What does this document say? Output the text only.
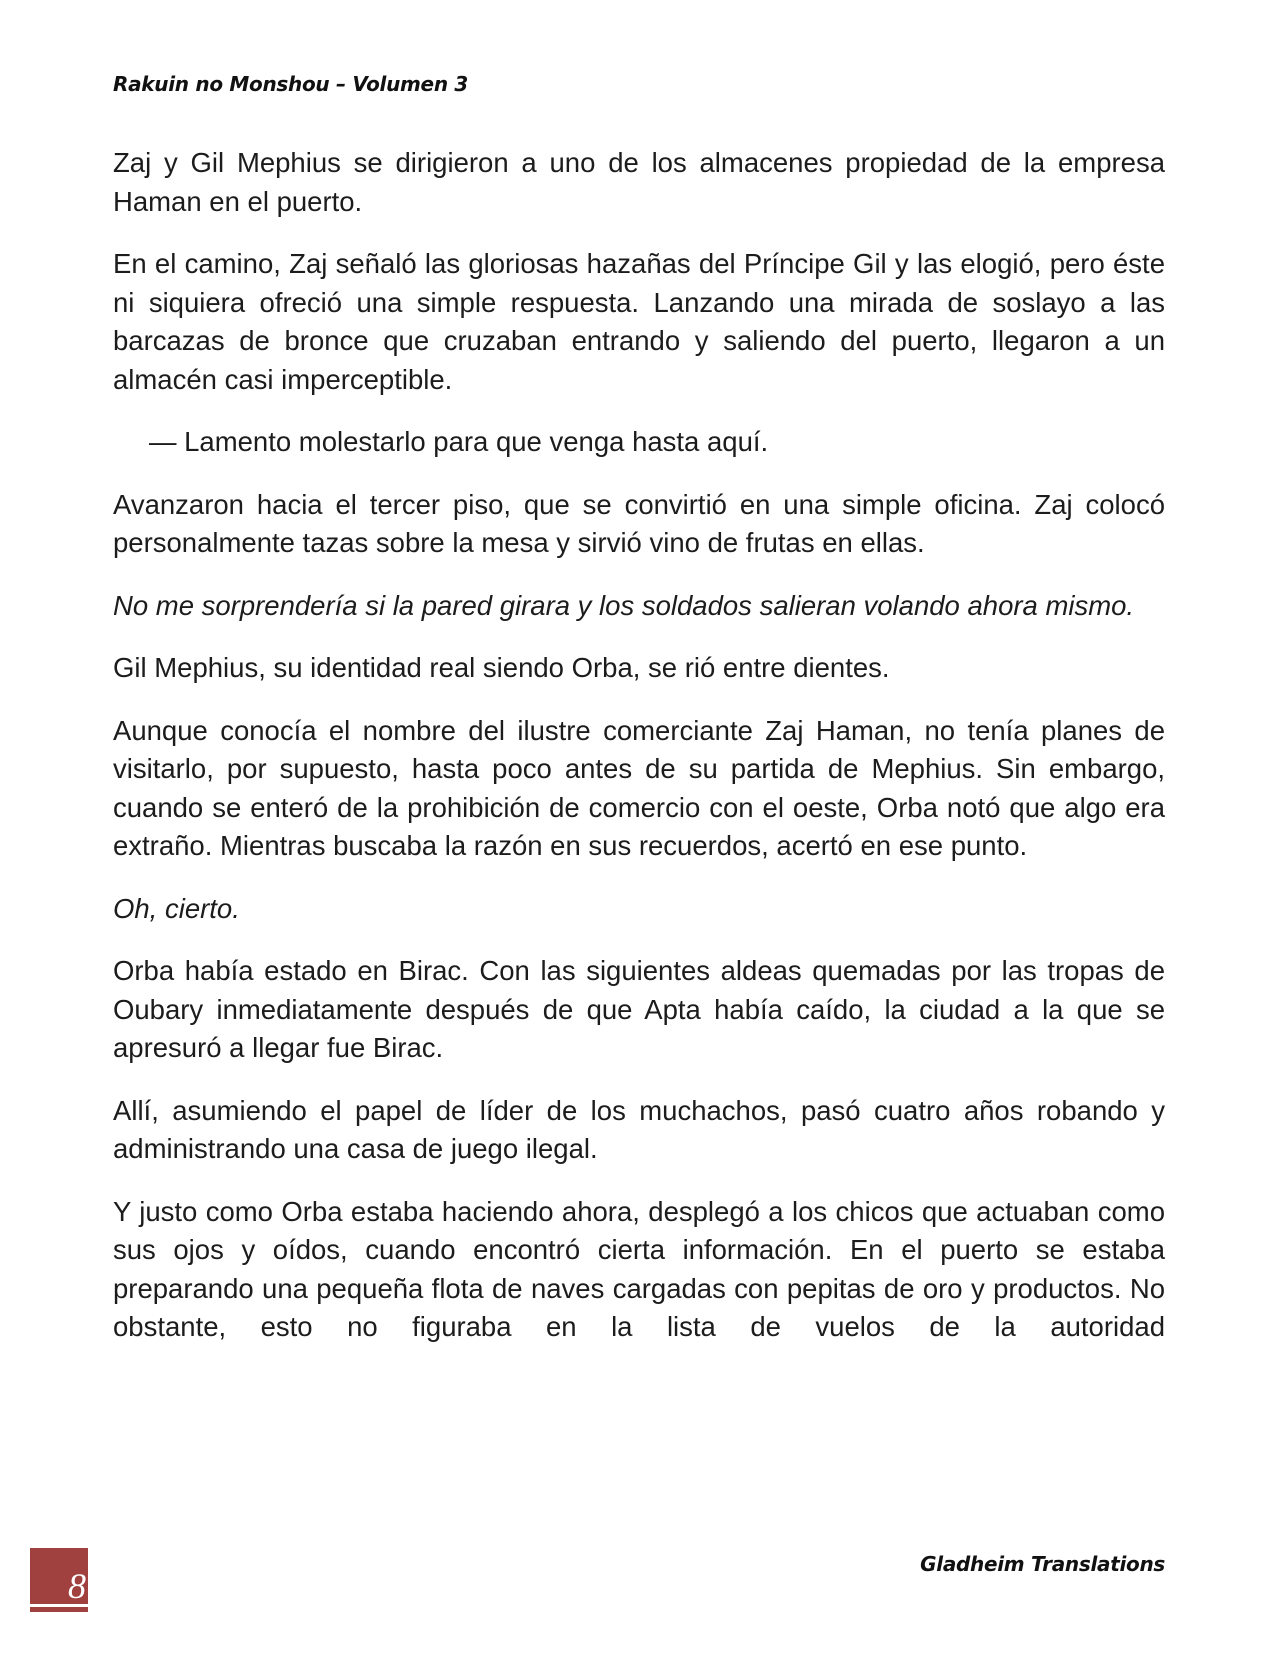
Rakuin no Monshou – Volumen 3

Zaj y Gil Mephius se dirigieron a uno de los almacenes propiedad de la empresa Haman en el puerto.

En el camino, Zaj señaló las gloriosas hazañas del Príncipe Gil y las elogió, pero éste ni siquiera ofreció una simple respuesta. Lanzando una mirada de soslayo a las barcazas de bronce que cruzaban entrando y saliendo del puerto, llegaron a un almacén casi imperceptible.

— Lamento molestarlo para que venga hasta aquí.

Avanzaron hacia el tercer piso, que se convirtió en una simple oficina. Zaj colocó personalmente tazas sobre la mesa y sirvió vino de frutas en ellas.

No me sorprendería si la pared girara y los soldados salieran volando ahora mismo.

Gil Mephius, su identidad real siendo Orba, se rió entre dientes.

Aunque conocía el nombre del ilustre comerciante Zaj Haman, no tenía planes de visitarlo, por supuesto, hasta poco antes de su partida de Mephius. Sin embargo, cuando se enteró de la prohibición de comercio con el oeste, Orba notó que algo era extraño. Mientras buscaba la razón en sus recuerdos, acertó en ese punto.

Oh, cierto.

Orba había estado en Birac. Con las siguientes aldeas quemadas por las tropas de Oubary inmediatamente después de que Apta había caído, la ciudad a la que se apresuró a llegar fue Birac.

Allí, asumiendo el papel de líder de los muchachos, pasó cuatro años robando y administrando una casa de juego ilegal.

Y justo como Orba estaba haciendo ahora, desplegó a los chicos que actuaban como sus ojos y oídos, cuando encontró cierta información. En el puerto se estaba preparando una pequeña flota de naves cargadas con pepitas de oro y productos. No obstante, esto no figuraba en la lista de vuelos de la autoridad

8
Gladheim Translations
